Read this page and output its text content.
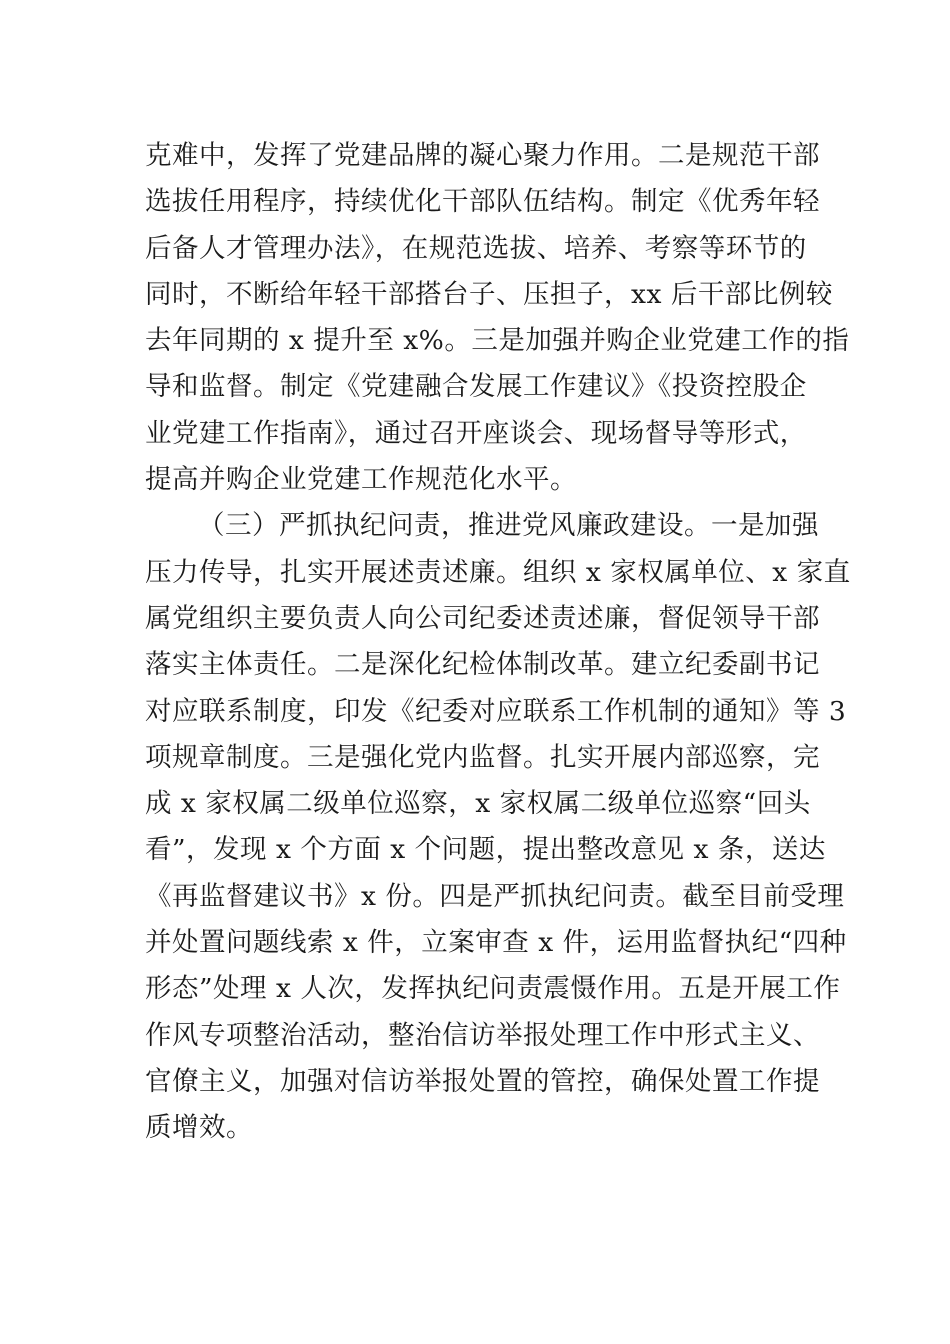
克难中，发挥了党建品牌的凝心聚力作用。二是规范干部
选拔任用程序，持续优化干部队伍结构。制定《优秀年轻
后备人才管理办法》，在规范选拔、培养、考察等环节的
同时，不断给年轻干部搭台子、压担子，xx 后干部比例较
去年同期的 x 提升至 x%。三是加强并购企业党建工作的指
导和监督。制定《党建融合发展工作建议》《投资控股企
业党建工作指南》，通过召开座谈会、现场督导等形式，
提高并购企业党建工作规范化水平。
（三）严抓执纪问责，推进党风廉政建设。一是加强
压力传导，扎实开展述责述廉。组织 x 家权属单位、x 家直
属党组织主要负责人向公司纪委述责述廉，督促领导干部
落实主体责任。二是深化纪检体制改革。建立纪委副书记
对应联系制度，印发《纪委对应联系工作机制的通知》等 3
项规章制度。三是强化党内监督。扎实开展内部巡察，完
成 x 家权属二级单位巡察，x 家权属二级单位巡察“回头
看”，发现 x 个方面 x 个问题，提出整改意见 x 条，送达
《再监督建议书》x 份。四是严抓执纪问责。截至目前受理
并处置问题线索 x 件，立案审查 x 件，运用监督执纪“四种
形态”处理 x 人次，发挥执纪问责震慑作用。五是开展工作
作风专项整治活动，整治信访举报处理工作中形式主义、
官僚主义，加强对信访举报处置的管控，确保处置工作提
质增效。
